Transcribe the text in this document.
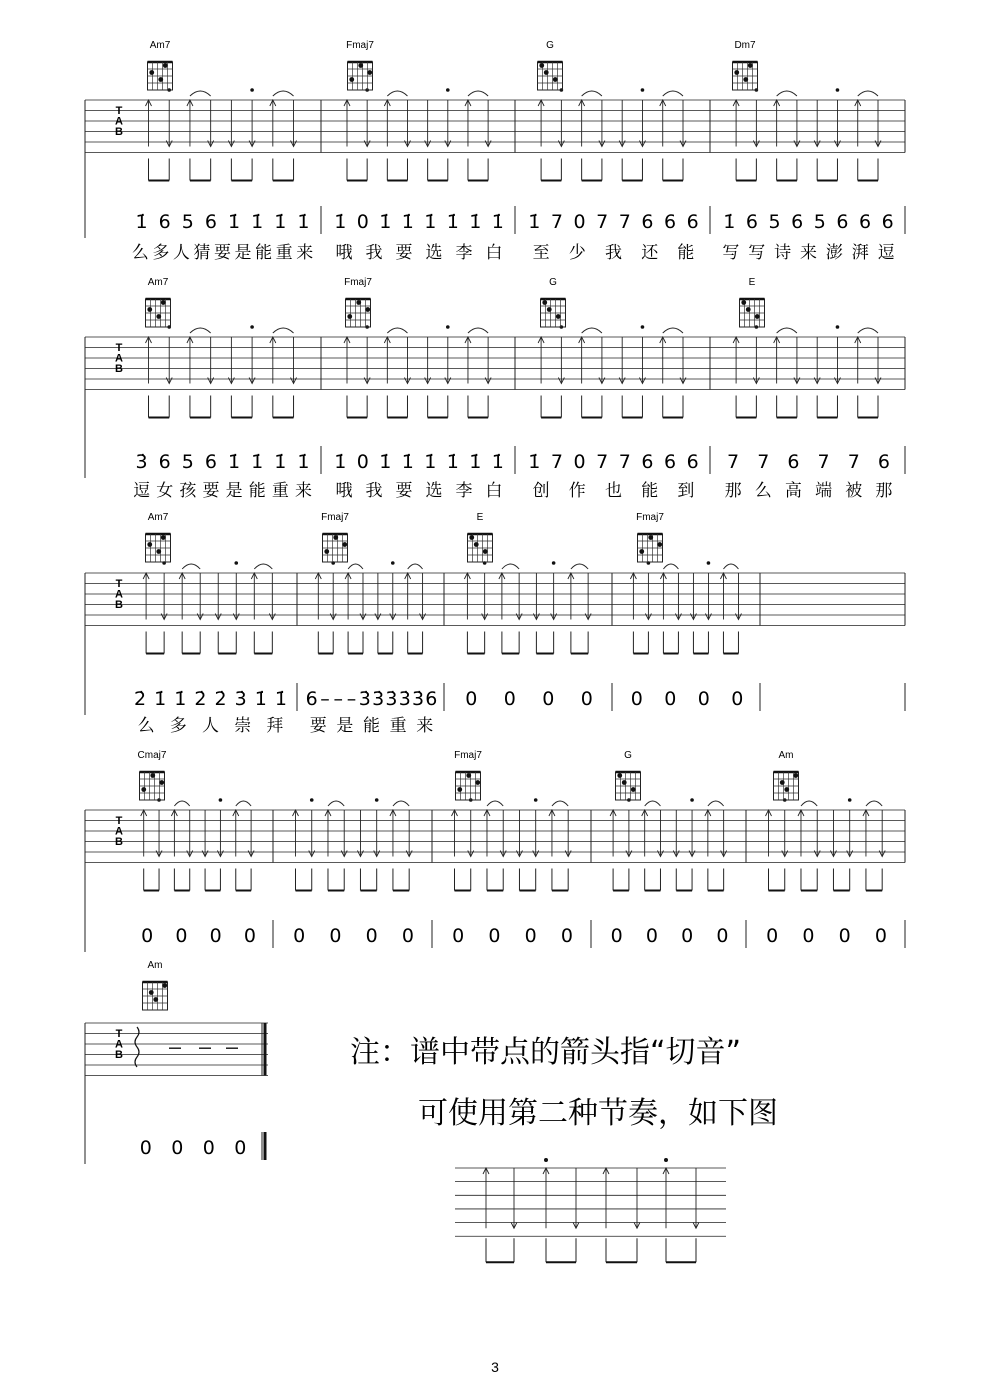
T
A
B
Am7
1̇ 6 5 6 1̇ 1̇ 1̇ 1̇
么 多 人 猜 要 是 能 重 来
Fmaj7
1̇ 0 1̇ 1̇ 1̇ 1̇ 1̇ 1̇
哦 我 要 选 李 白
G
1̇ 7 0 7 7 6 6 6
至 少 我 还 能
Dm7
1̇ 6 5 6 5 6 6 6
写 写 诗 来 澎 湃 逗
T
A
B
Am7
3̇ 6 5 6 1̇ 1̇ 1̇ 1̇
逗 女 孩 要 是 能 重 来
Fmaj7
1̇ 0 1̇ 1̇ 1̇ 1̇ 1̇ 1̇
哦 我 要 选 李 白
G
1̇ 7 0 7 7 6 6 6
创 作 也 能 到
E
7 7 6 7 7 6
那 么 高 端 被 那
T
A
B
Am7
2̇ 1̇ 1̇ 2̇ 2̇ 3̇ 1̇ 1̇
么 多 人 崇 拜
Fmaj7
6 – – – 3̇ 3̇ 3̇ 3̇ 3̇ 6
要 是 能 重 来
E
0 0 0 0
Fmaj7
0 0 0 0
T
A
B
Cmaj7
0 0 0 0 0 0 0 0
Fmaj7
0 0 0 0
G
0 0 0 0
Am
0 0 0 0
T
A
B
Am
0 0 0 0
注：谱中带点的箭头指“切音”
可使用第二种节奏，如下图
3
